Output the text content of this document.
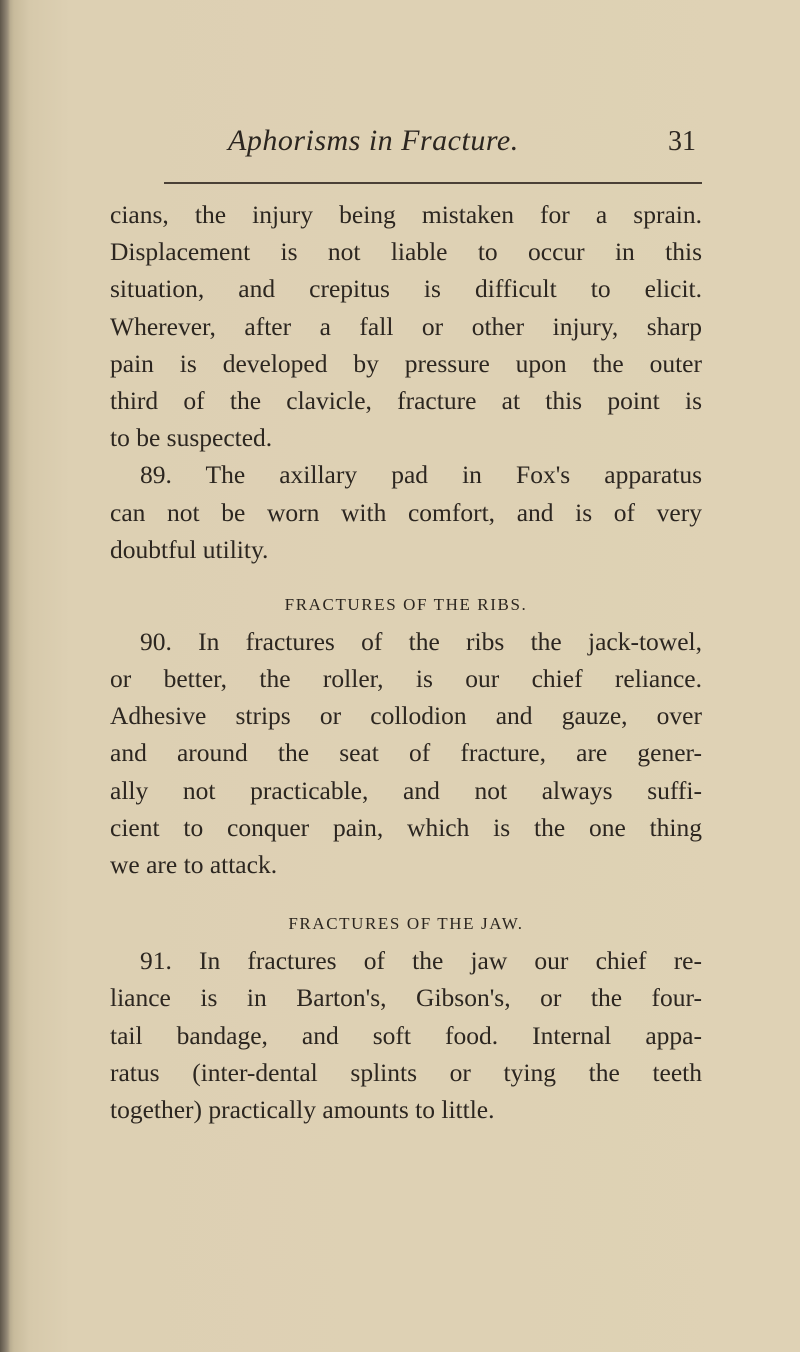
Aphorisms in Fracture.	31
cians, the injury being mistaken for a sprain.
Displacement is not liable to occur in this
situation, and crepitus is difficult to elicit.
Wherever, after a fall or other injury, sharp
pain is developed by pressure upon the outer
third of the clavicle, fracture at this point is
to be suspected.
89. The axillary pad in Fox's apparatus
can not be worn with comfort, and is of very
doubtful utility.
FRACTURES OF THE RIBS.
90. In fractures of the ribs the jack-towel,
or better, the roller, is our chief reliance.
Adhesive strips or collodion and gauze, over
and around the seat of fracture, are gener-
ally not practicable, and not always suffi-
cient to conquer pain, which is the one thing
we are to attack.
FRACTURES OF THE JAW.
91. In fractures of the jaw our chief re-
liance is in Barton's, Gibson's, or the four-
tail bandage, and soft food. Internal appa-
ratus (inter-dental splints or tying the teeth
together) practically amounts to little.
